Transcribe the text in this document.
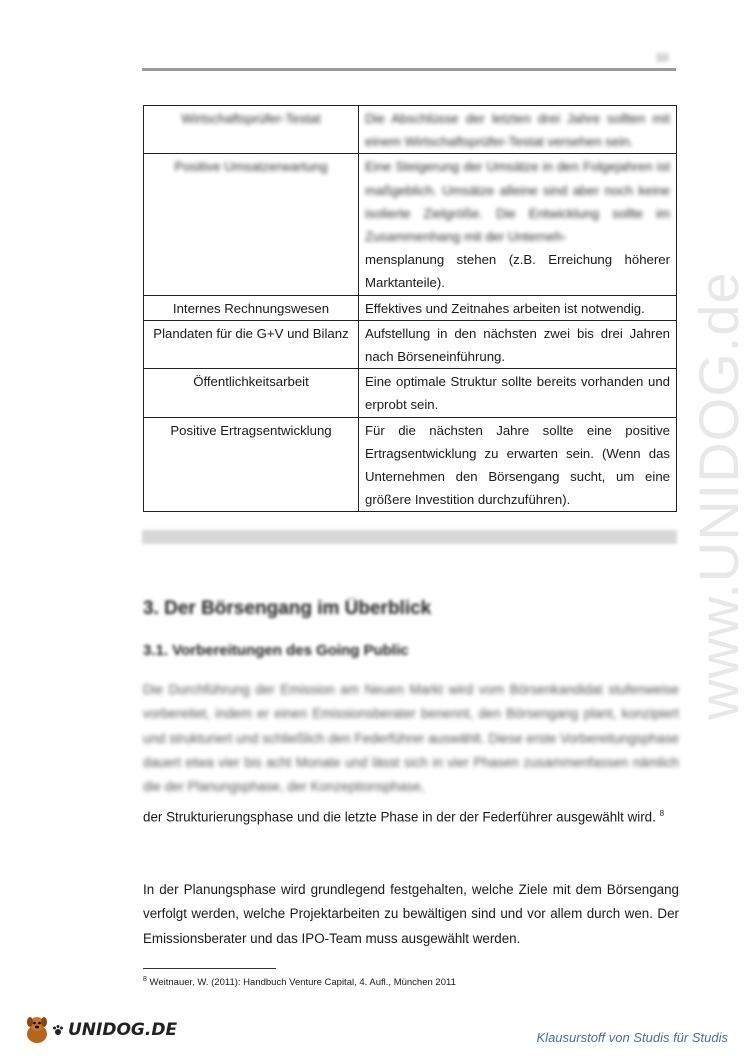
10
Wirtschaftsprüfer-Testat	Die Abschlüsse der letzten drei Jahre sollten mit einem Wirtschaftsprüfer-Testat versehen sein.
Positive Umsatzerwartung	Eine Steigerung der Umsätze in den Folgejahren ist maßgeblich. Umsätze alleine sind aber noch keine isolierte Zielgröße. Die Entwicklung sollte im Zusammenhang mit der Unterneh-
mensplanung stehen (z.B. Erreichung höherer Marktanteile).
Internes Rechnungswesen	Effektives und Zeitnahes arbeiten ist notwendig.
Plandaten für die G+V und Bilanz	Aufstellung in den nächsten zwei bis drei Jahren nach Börseneinführung.
Öffentlichkeitsarbeit	Eine optimale Struktur sollte bereits vorhanden und erprobt sein.
Positive Ertragsentwicklung	Für die nächsten Jahre sollte eine positive Ertragsentwicklung zu erwarten sein. (Wenn das Unternehmen den Börsengang sucht, um eine größere Investition durchzuführen).
3. Der Börsengang im Überblick
3.1. Vorbereitungen des Going Public
Die Durchführung der Emission am Neuen Markt wird vom Börsenkandidat stufenweise vorbereitet, indem er einen Emissionsberater benennt, den Börsengang plant, konzipiert und strukturiert und schließlich den Federführer auswählt. Diese erste Vorbereitungsphase dauert etwa vier bis acht Monate und lässt sich in vier Phasen zusammenfassen nämlich die der Planungsphase, der Konzeptionsphase,
der Strukturierungsphase und die letzte Phase in der der Federführer ausgewählt wird. $^8$
In der Planungsphase wird grundlegend festgehalten, welche Ziele mit dem Börsengang verfolgt werden, welche Projektarbeiten zu bewältigen sind und vor allem durch wen. Der Emissionsberater und das IPO-Team muss ausgewählt werden.
$^8$ Weitnauer, W. (2011): Handbuch Venture Capital, 4. Aufl., München 2011
www.UNIDOG.de
UNIDOG.DE	Klausurstoff von Studis für Studis
